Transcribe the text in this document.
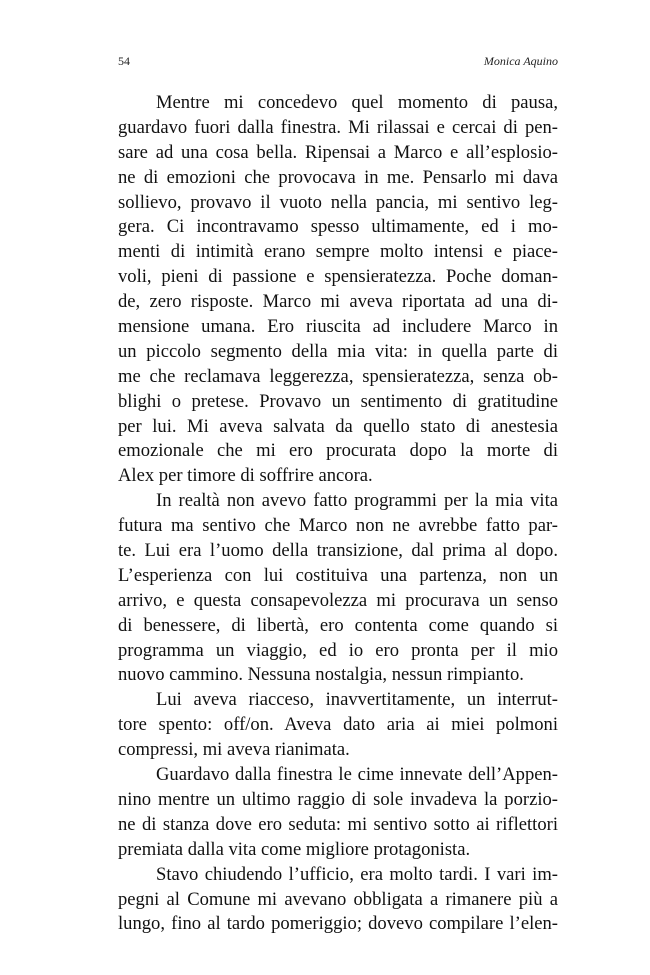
54	Monica Aquino
Mentre mi concedevo quel momento di pausa,
guardavo fuori dalla finestra. Mi rilassai e cercai di pen-
sare ad una cosa bella. Ripensai a Marco e all’esplosio-
ne di emozioni che provocava in me. Pensarlo mi dava
sollievo, provavo il vuoto nella pancia, mi sentivo leg-
gera. Ci incontravamo spesso ultimamente, ed i mo-
menti di intimità erano sempre molto intensi e piace-
voli, pieni di passione e spensieratezza. Poche doman-
de, zero risposte. Marco mi aveva riportata ad una di-
mensione umana. Ero riuscita ad includere Marco in
un piccolo segmento della mia vita: in quella parte di
me che reclamava leggerezza, spensieratezza, senza ob-
blighi o pretese. Provavo un sentimento di gratitudine
per lui. Mi aveva salvata da quello stato di anestesia
emozionale che mi ero procurata dopo la morte di
Alex per timore di soffrire ancora.
In realtà non avevo fatto programmi per la mia vita
futura ma sentivo che Marco non ne avrebbe fatto par-
te. Lui era l’uomo della transizione, dal prima al dopo.
L’esperienza con lui costituiva una partenza, non un
arrivo, e questa consapevolezza mi procurava un senso
di benessere, di libertà, ero contenta come quando si
programma un viaggio, ed io ero pronta per il mio
nuovo cammino. Nessuna nostalgia, nessun rimpianto.
Lui aveva riacceso, inavvertitamente, un interrut-
tore spento: off/on. Aveva dato aria ai miei polmoni
compressi, mi aveva rianimata.
Guardavo dalla finestra le cime innevate dell’Appen-
nino mentre un ultimo raggio di sole invadeva la porzio-
ne di stanza dove ero seduta: mi sentivo sotto ai riflettori
premiata dalla vita come migliore protagonista.
Stavo chiudendo l’ufficio, era molto tardi. I vari im-
pegni al Comune mi avevano obbligata a rimanere più a
lungo, fino al tardo pomeriggio; dovevo compilare l’elen-
